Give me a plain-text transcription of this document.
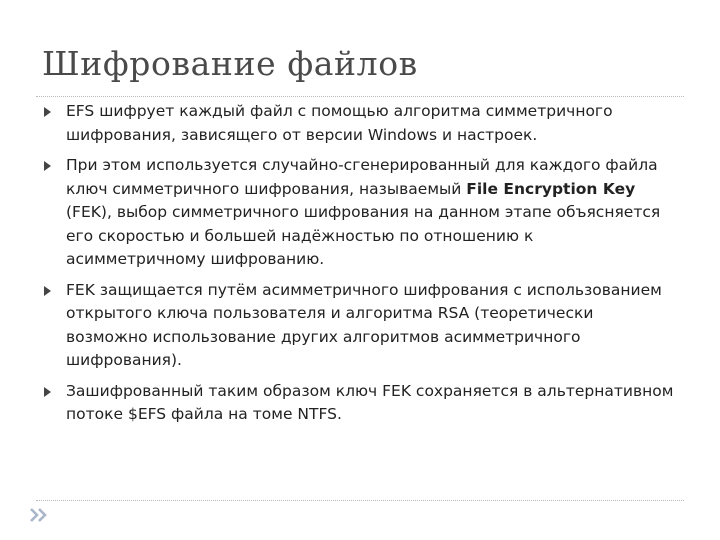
Шифрование файлов
EFS шифрует каждый файл с помощью алгоритма симметричного шифрования, зависящего от версии Windows и настроек.
При этом используется случайно-сгенерированный для каждого файла ключ симметричного шифрования, называемый File Encryption Key (FEK), выбор симметричного шифрования на данном этапе объясняется его скоростью и большей надёжностью по отношению к асимметричному шифрованию.
FEK защищается путём асимметричного шифрования с использованием открытого ключа пользователя и алгоритма RSA (теоретически возможно использование других алгоритмов асимметричного шифрования).
Зашифрованный таким образом ключ FEK сохраняется в альтернативном потоке $EFS файла на томе NTFS.
